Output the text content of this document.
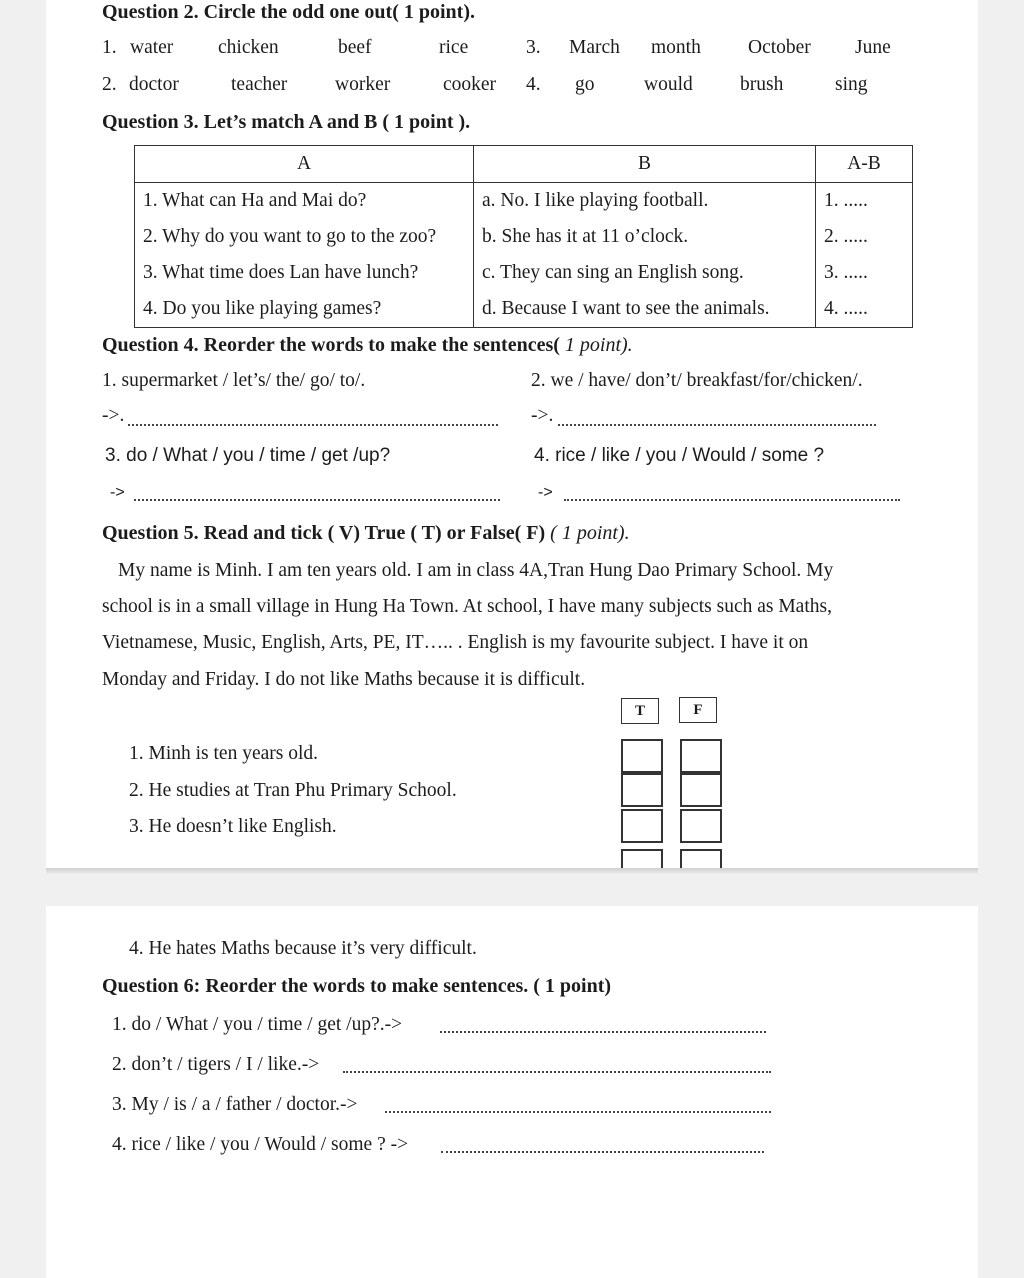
Question 2. Circle the odd one out( 1 point).
1. water chicken	beef	rice	3. March month October June
2. doctor	teacher worker	cooker 4. go	would brush	sing
Question 3. Let’s match A and B ( 1 point ).
A	B	A-B
1. What can Ha and Mai do?	a. No. I like playing football.	1. .....
2. Why do you want to go to the zoo?	b. She has it at 11 o’clock.	2. .....
3. What time does Lan have lunch?	c. They can sing an English song.	3. .....
4. Do you like playing games?	d. Because I want to see the animals.	4. .....
Question 4. Reorder the words to make the sentences( 1 point).
1. supermarket / let’s/ the/ go/ to/.	2. we / have/ don’t/ breakfast/for/chicken/.
->.	->.
3. do / What / you / time / get /up?	4. rice / like / you / Would / some ?
->	->
Question 5. Read and tick ( V) True ( T) or False( F) ( 1 point).
My name is Minh. I am ten years old. I am in class 4A,Tran Hung Dao Primary School. My
school is in a small village in Hung Ha Town. At school, I have many subjects such as Maths,
Vietnamese, Music, English, Arts, PE, IT….. . English is my favourite subject. I have it on
Monday and Friday. I do not like Maths because it is difficult.
T	F
1. Minh is ten years old.
2. He studies at Tran Phu Primary School.
3. He doesn’t like English.
4. He hates Maths because it’s very difficult.
Question 6: Reorder the words to make sentences. ( 1 point)
1. do / What / you / time / get /up?.->
2. don’t / tigers / I / like.->
3. My / is / a / father / doctor.->
4. rice / like / you / Would / some ? ->
